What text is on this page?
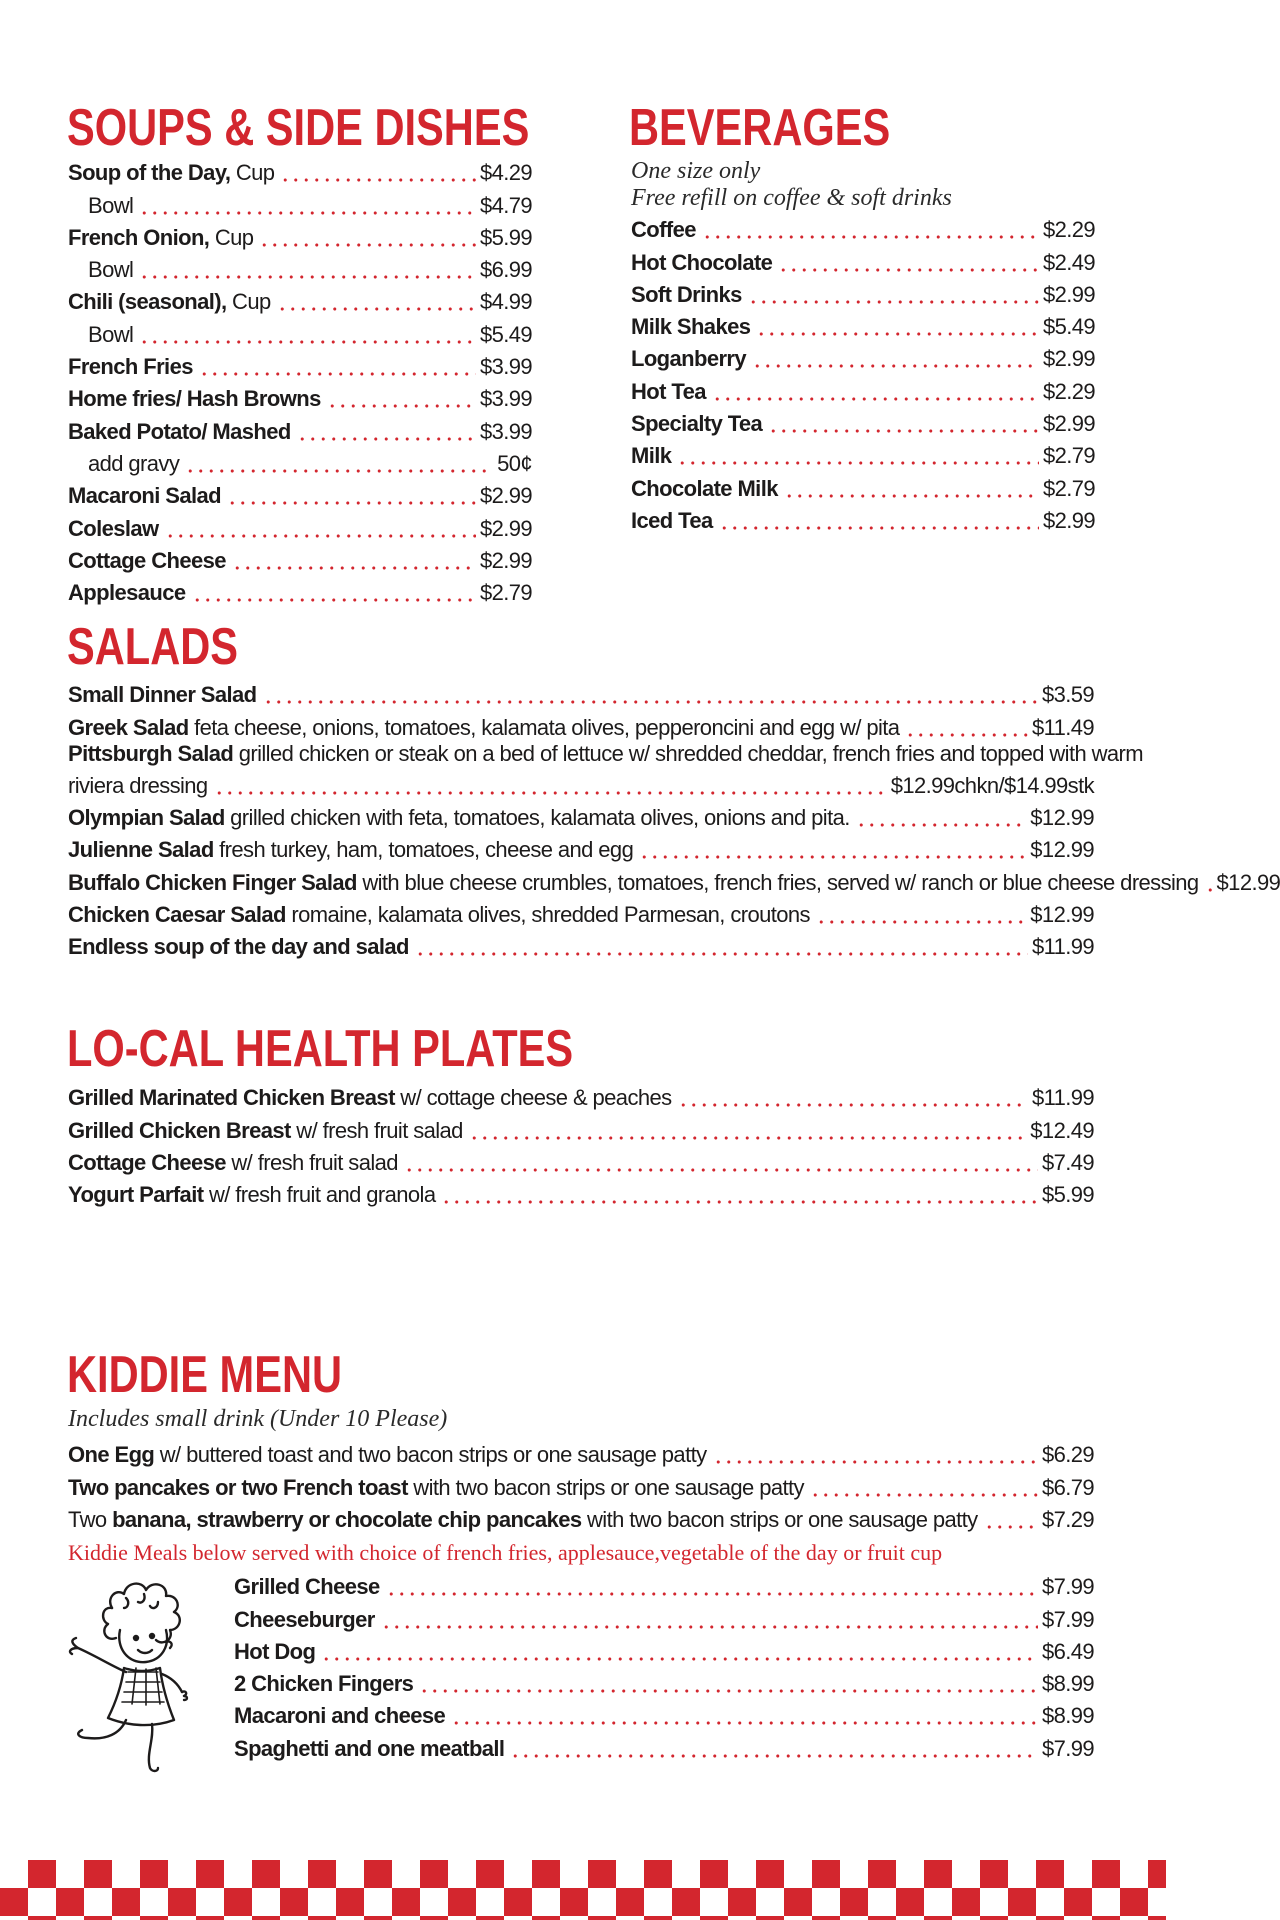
SOUPS & SIDE DISHES
Soup of the Day, Cup	$4.29
Bowl	$4.79
French Onion, Cup	$5.99
Bowl	$6.99
Chili (seasonal), Cup	$4.99
Bowl	$5.49
French Fries	$3.99
Home fries/ Hash Browns	$3.99
Baked Potato/ Mashed	$3.99
add gravy	50¢
Macaroni Salad	$2.99
Coleslaw	$2.99
Cottage Cheese	$2.99
Applesauce	$2.79
BEVERAGES

One size only

Free refill on coffee & soft drinks

Coffee	$2.29
Hot Chocolate	$2.49
Soft Drinks	$2.99
Milk Shakes	$5.49
Loganberry	$2.99
Hot Tea	$2.29
Specialty Tea	$2.99
Milk	$2.79
Chocolate Milk	$2.79
Iced Tea	$2.99
SALADS
Small Dinner Salad	$3.59
Greek Salad feta cheese, onions, tomatoes, kalamata olives, pepperoncini and egg w/ pita	$11.49
Pittsburgh Salad grilled chicken or steak on a bed of lettuce w/ shredded cheddar, french fries and topped with warm
riviera dressing	$12.99chkn/$14.99stk
Olympian Salad grilled chicken with feta, tomatoes, kalamata olives, onions and pita.	$12.99
Julienne Salad fresh turkey, ham, tomatoes, cheese and egg	$12.99
Buffalo Chicken Finger Salad with blue cheese crumbles, tomatoes, french fries, served w/ ranch or blue cheese dressing $12.99
Chicken Caesar Salad romaine, kalamata olives, shredded Parmesan, croutons	$12.99
Endless soup of the day and salad	$11.99
LO-CAL HEALTH PLATES
Grilled Marinated Chicken Breast w/ cottage cheese & peaches	$11.99
Grilled Chicken Breast w/ fresh fruit salad	$12.49
Cottage Cheese w/ fresh fruit salad	$7.49
Yogurt Parfait w/ fresh fruit and granola	$5.99
KIDDIE MENU

Includes small drink (Under 10 Please)

One Egg w/ buttered toast and two bacon strips or one sausage patty	$6.29
Two pancakes or two French toast with two bacon strips or one sausage patty	$6.79
Two banana, strawberry or chocolate chip pancakes with two bacon strips or one sausage patty	$7.29

Kiddie Meals below served with choice of french fries, applesauce,vegetable of the day or fruit cup

Grilled Cheese	$7.99
Cheeseburger	$7.99
Hot Dog	$6.49
2 Chicken Fingers	$8.99
Macaroni and cheese	$8.99
Spaghetti and one meatball	$7.99
